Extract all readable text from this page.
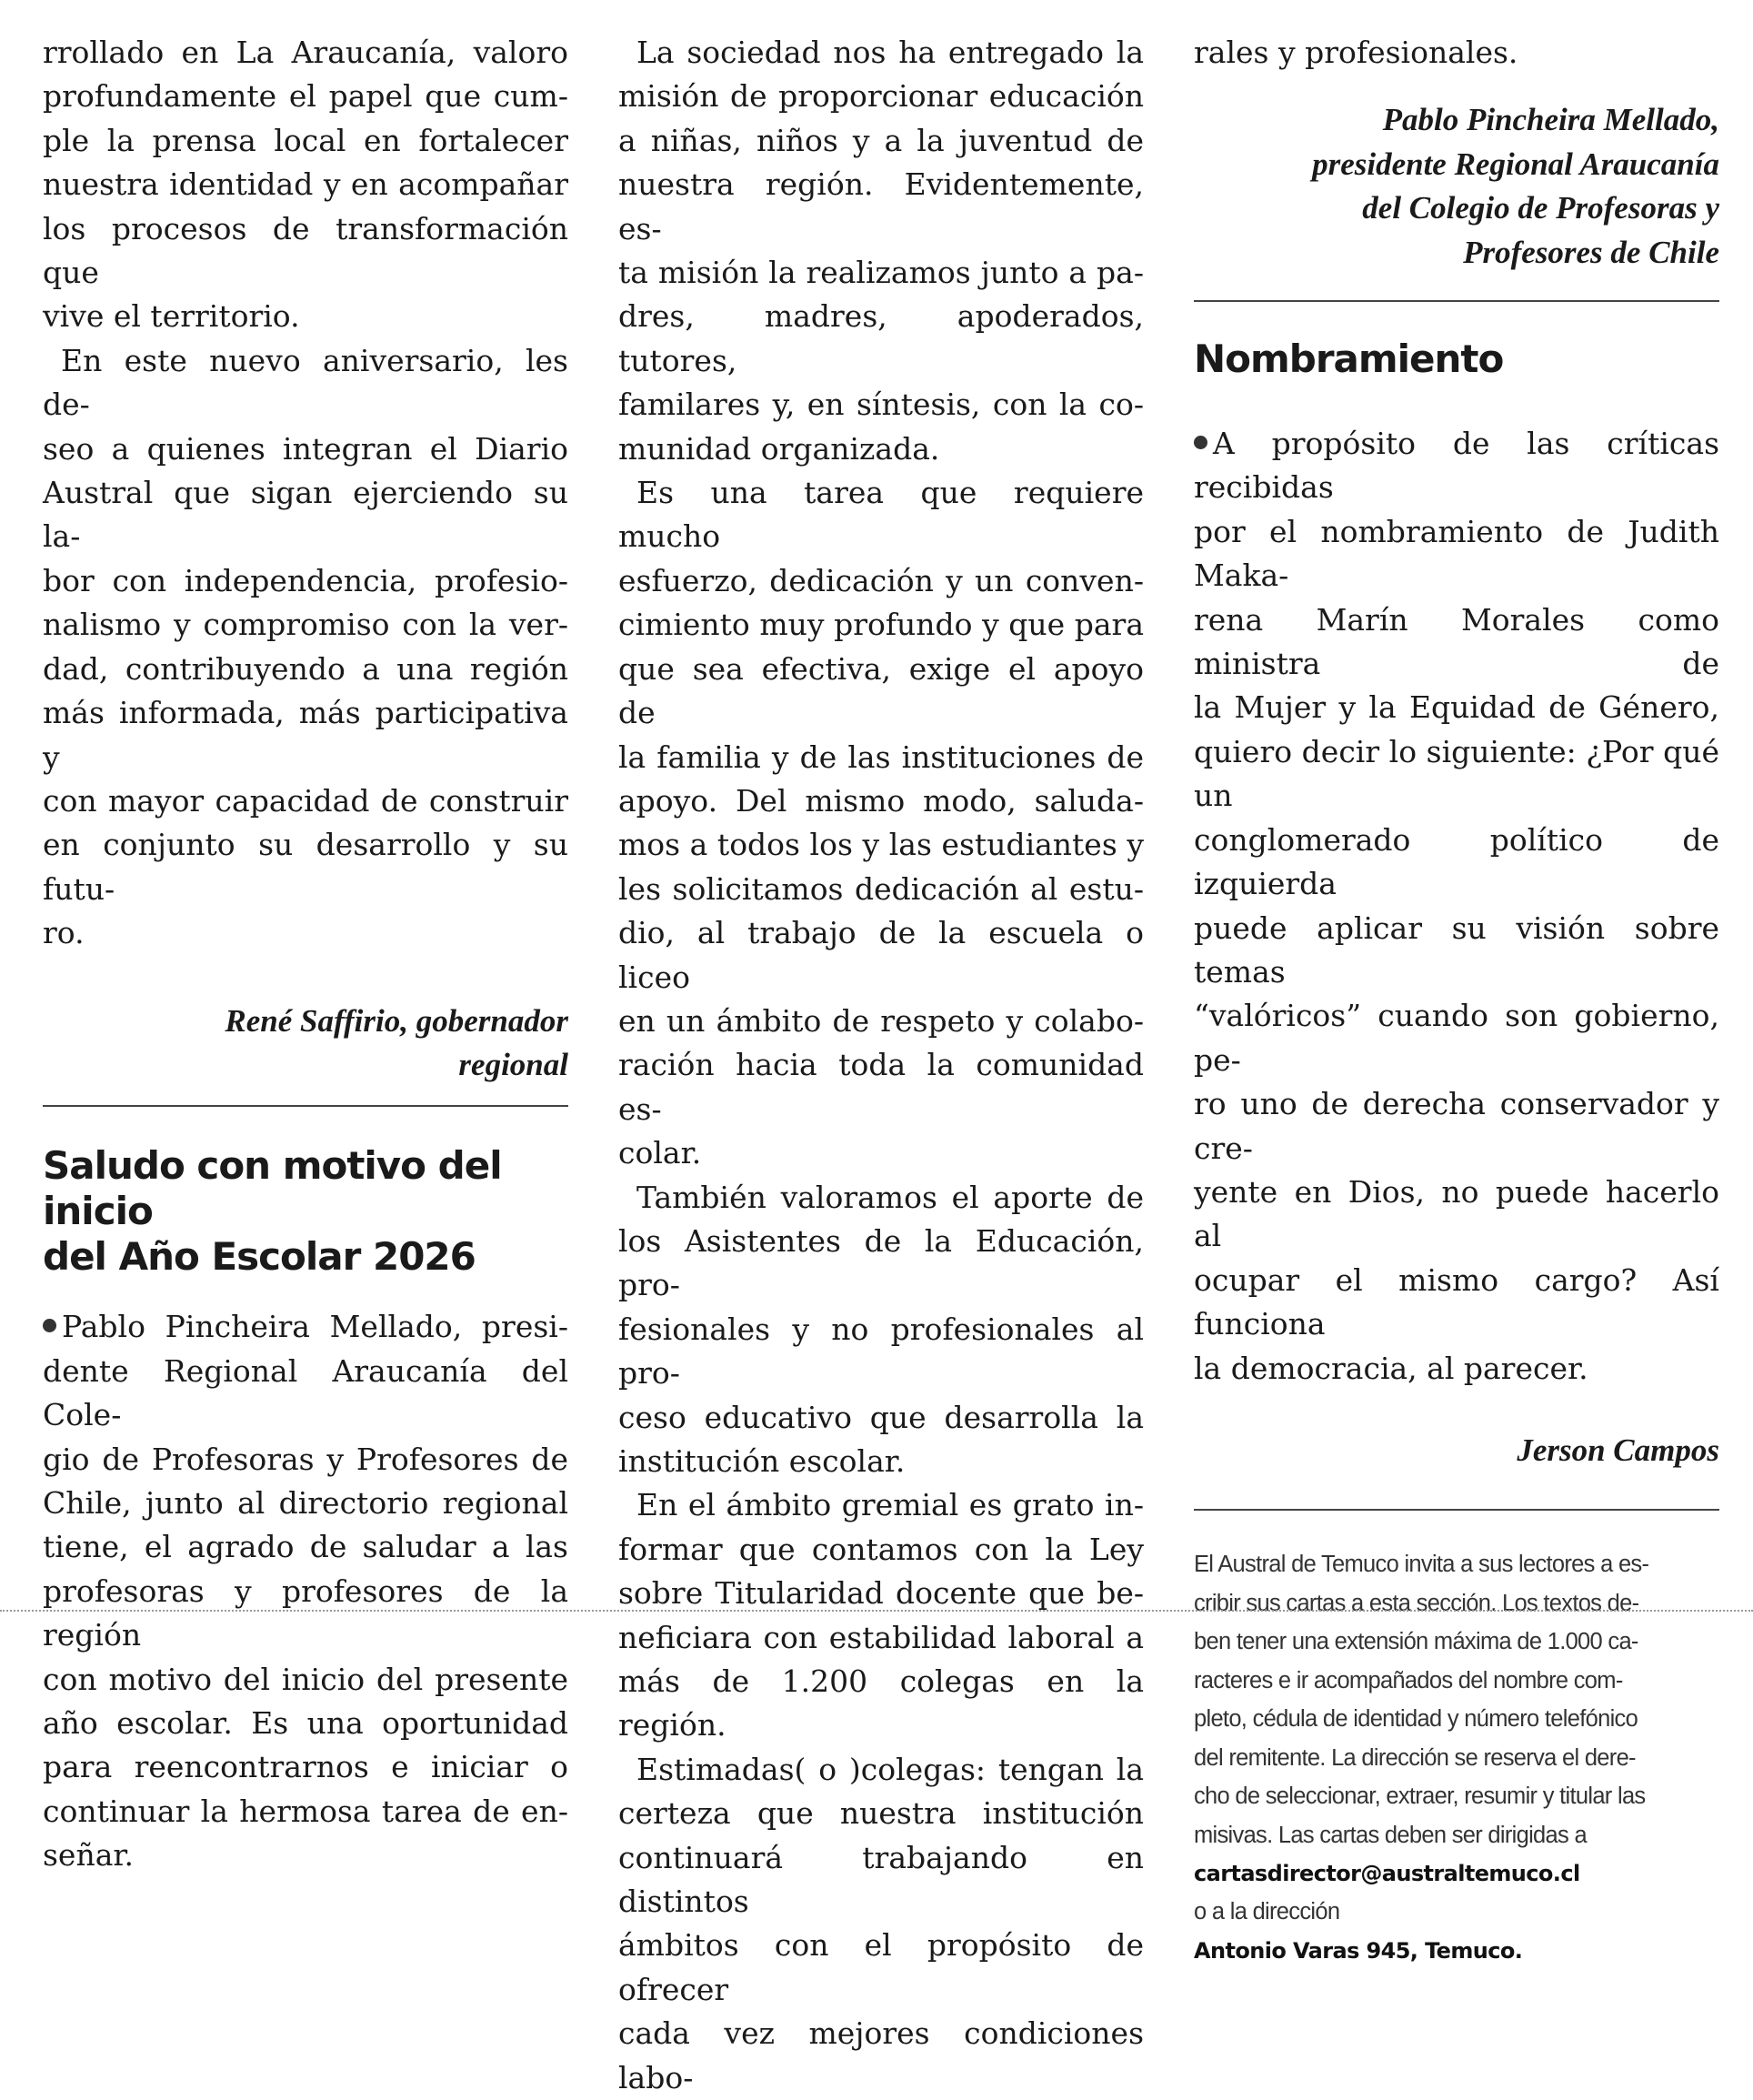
rrollado en La Araucanía, valoro
profundamente el papel que cum-
ple la prensa local en fortalecer
nuestra identidad y en acompañar
los procesos de transformación que
vive el territorio.

En este nuevo aniversario, les de-
seo a quienes integran el Diario
Austral que sigan ejerciendo su la-
bor con independencia, profesio-
nalismo y compromiso con la ver-
dad, contribuyendo a una región
más informada, más participativa y
con mayor capacidad de construir
en conjunto su desarrollo y su futu-
ro.

René Saffirio, gobernador
regional
Saludo con motivo del inicio
del Año Escolar 2026

Pablo Pincheira Mellado, presi-
dente Regional Araucanía del Cole-
gio de Profesoras y Profesores de
Chile, junto al directorio regional
tiene, el agrado de saludar a las
profesoras y profesores de la región
con motivo del inicio del presente
año escolar. Es una oportunidad
para reencontrarnos e iniciar o
continuar la hermosa tarea de en-
señar.

La sociedad nos ha entregado la
misión de proporcionar educación
a niñas, niños y a la juventud de
nuestra región. Evidentemente, es-
ta misión la realizamos junto a pa-
dres, madres, apoderados, tutores,
familares y, en síntesis, con la co-
munidad organizada.

Es una tarea que requiere mucho
esfuerzo, dedicación y un conven-
cimiento muy profundo y que para
que sea efectiva, exige el apoyo de
la familia y de las instituciones de
apoyo. Del mismo modo, saluda-
mos a todos los y las estudiantes y
les solicitamos dedicación al estu-
dio, al trabajo de la escuela o liceo
en un ámbito de respeto y colabo-
ración hacia toda la comunidad es-
colar.

También valoramos el aporte de
los Asistentes de la Educación, pro-
fesionales y no profesionales al pro-
ceso educativo que desarrolla la
institución escolar.

En el ámbito gremial es grato in-
formar que contamos con la Ley
sobre Titularidad docente que be-
neficiara con estabilidad laboral a
más de 1.200 colegas en la región.

Estimadas( o )colegas: tengan la
certeza que nuestra institución
continuará trabajando en distintos
ámbitos con el propósito de ofrecer
cada vez mejores condiciones labo-

rales y profesionales.

Pablo Pincheira Mellado,
presidente Regional Araucanía
del Colegio de Profesoras y
Profesores de Chile
Nombramiento

A propósito de las críticas recibidas
por el nombramiento de Judith Maka-
rena Marín Morales como ministra de
la Mujer y la Equidad de Género,
quiero decir lo siguiente: ¿Por qué un
conglomerado político de izquierda
puede aplicar su visión sobre temas
“valóricos” cuando son gobierno, pe-
ro uno de derecha conservador y cre-
yente en Dios, no puede hacerlo al
ocupar el mismo cargo? Así funciona
la democracia, al parecer.

Jerson Campos

El Austral de Temuco invita a sus lectores a es-
cribir sus cartas a esta sección. Los textos de-
ben tener una extensión máxima de 1.000 ca-
racteres e ir acompañados del nombre com-
pleto, cédula de identidad y número telefónico
del remitente. La dirección se reserva el dere-
cho de seleccionar, extraer, resumir y titular las
misivas. Las cartas deben ser dirigidas a

cartasdirector@australtemuco.cl

o a la dirección

Antonio Varas 945, Temuco.
